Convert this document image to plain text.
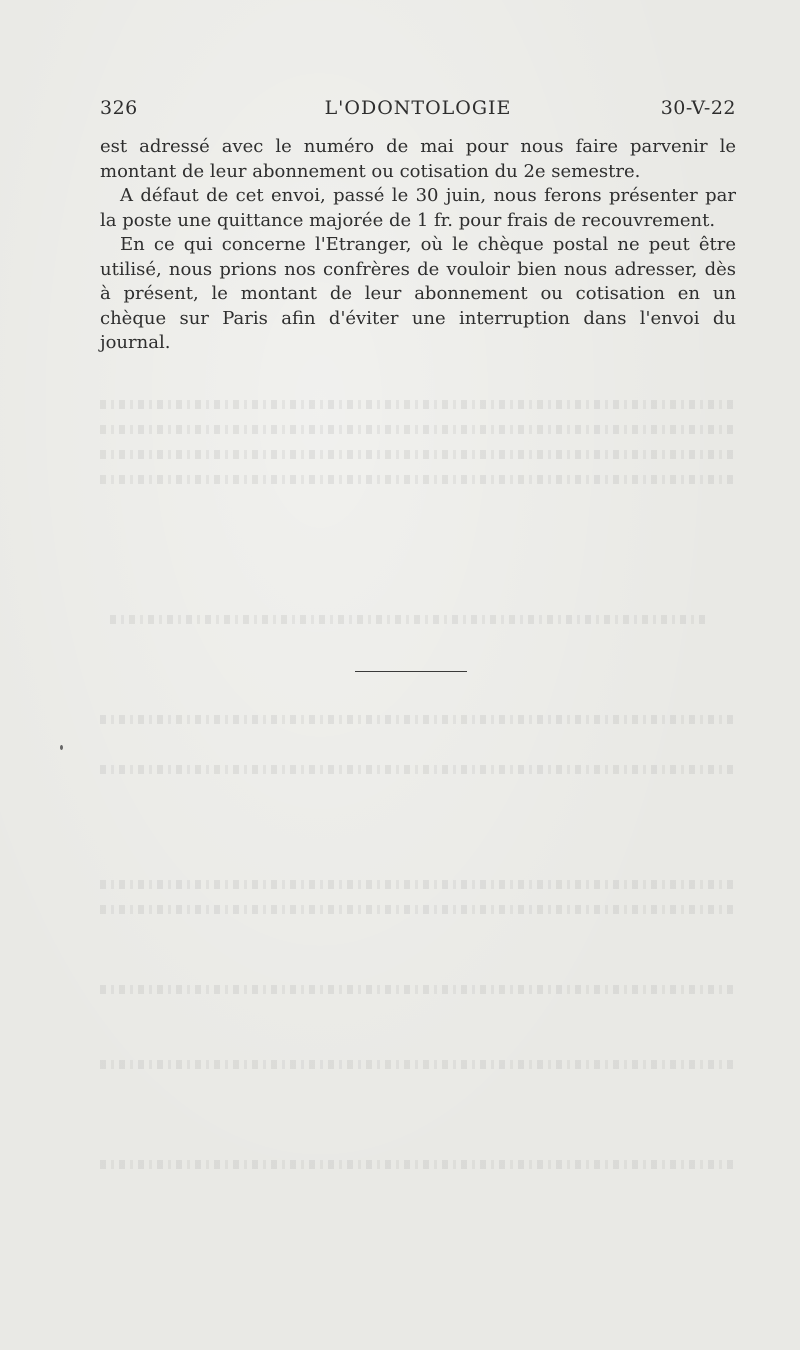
326	L'ODONTOLOGIE	30-V-22

est adressé avec le numéro de mai pour nous faire parvenir le montant de leur abonnement ou cotisation du 2e semestre.

A défaut de cet envoi, passé le 30 juin, nous ferons présenter par la poste une quittance majorée de 1 fr. pour frais de recouvrement.

En ce qui concerne l'Etranger, où le chèque postal ne peut être utilisé, nous prions nos confrères de vouloir bien nous adresser, dès à présent, le montant de leur abonnement ou cotisation en un chèque sur Paris afin d'éviter une interruption dans l'envoi du journal.
